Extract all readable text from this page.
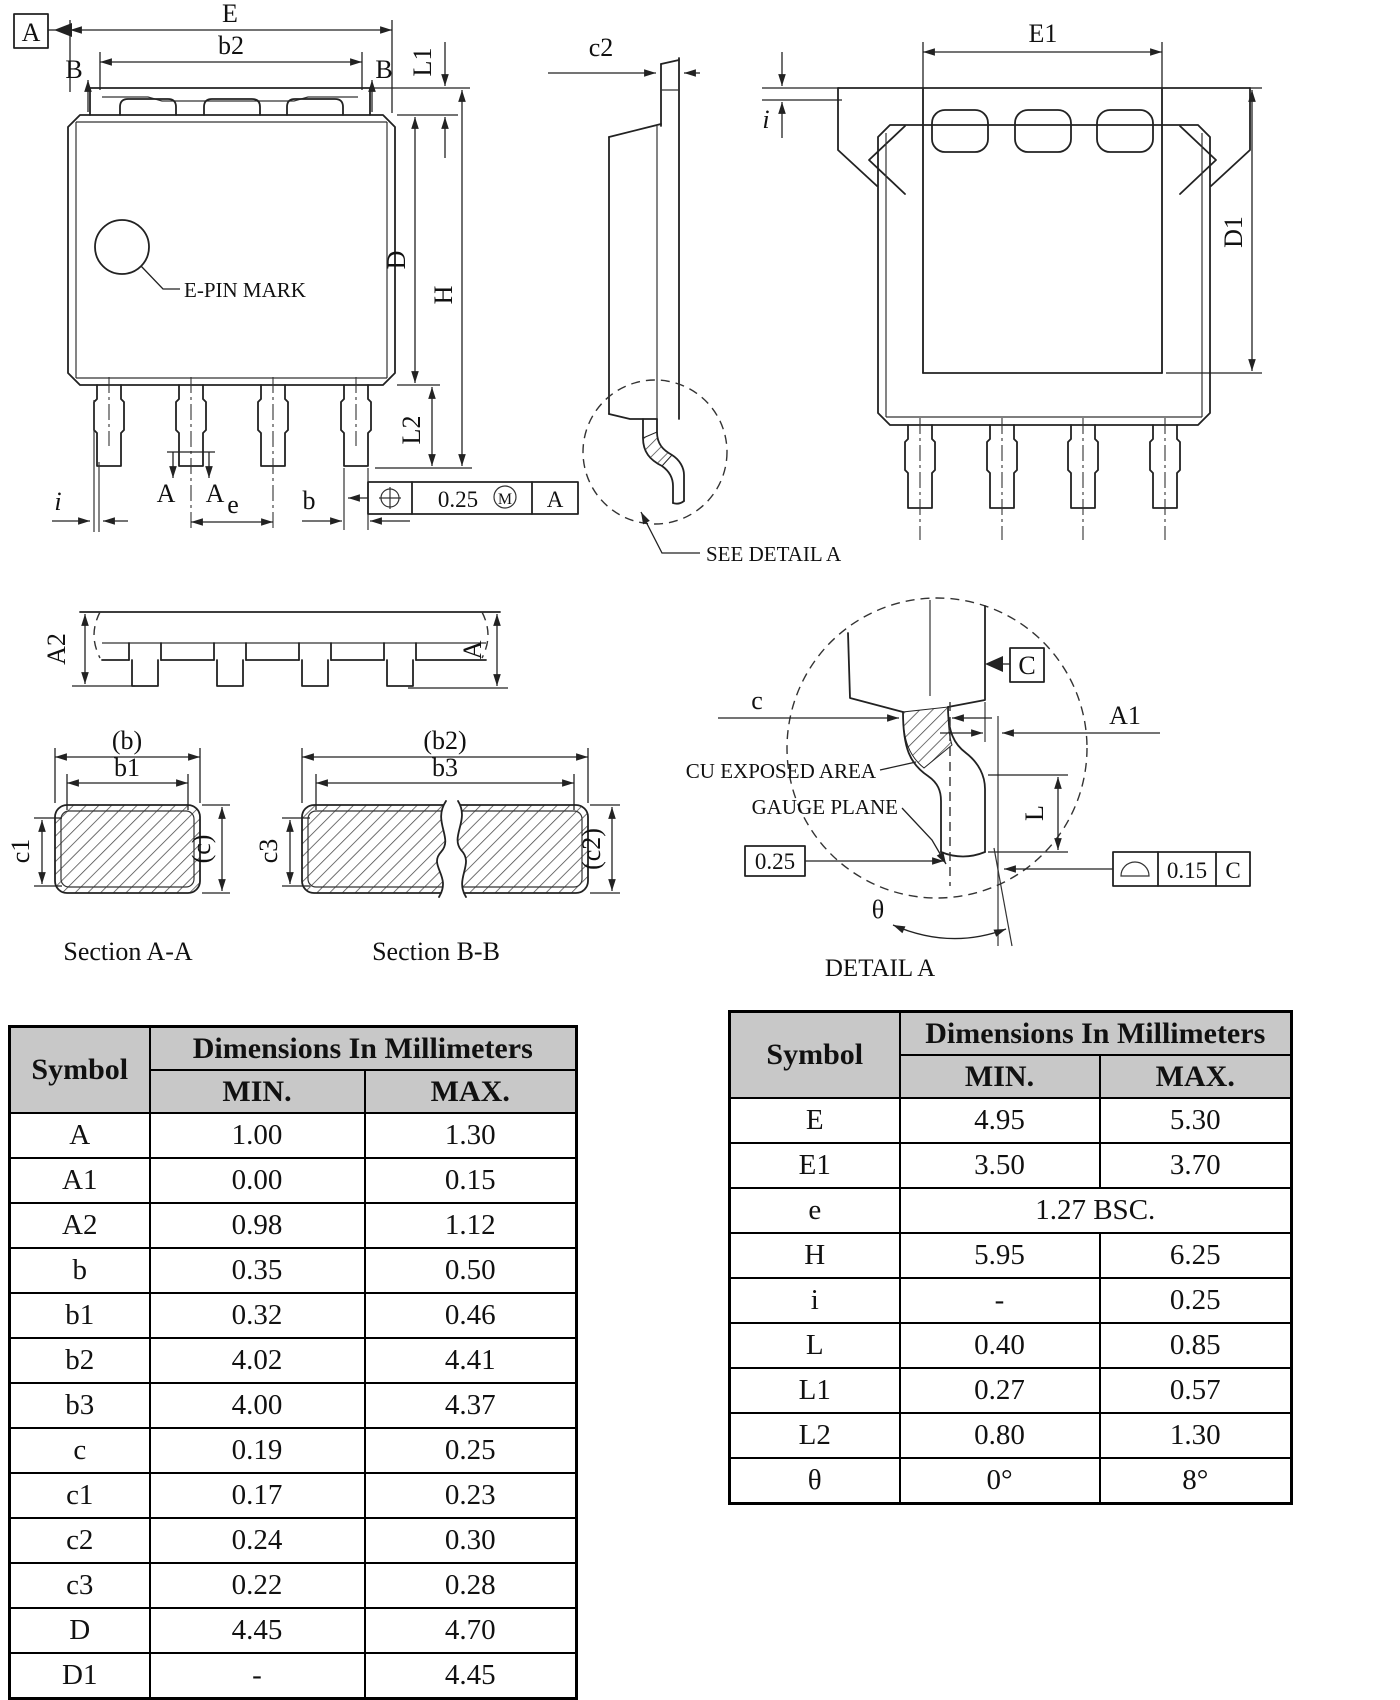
A
E
b2
B	B
E-PIN MARK
i	A A e b	0.25 M A
L1
D
L2
H
c2
SEE DETAIL A
E1
i
D1
A2	A
(b)
b1
c1	(c)
Section A-A
(b2)
b3
c3	(c2)
Section B-B
c
C
A1
CU EXPOSED AREA
GAUGE PLANE
0.25
L
θ
0.15 C
DETAIL A
Symbol	Dimensions In Millimeters	
	MIN.	MAX.
A	1.00	1.30
A1	0.00	0.15
A2	0.98	1.12
b	0.35	0.50
b1	0.32	0.46
b2	4.02	4.41
b3	4.00	4.37
c	0.19	0.25
c1	0.17	0.23
c2	0.24	0.30
c3	0.22	0.28
D	4.45	4.70
D1	-	4.45
Symbol	Dimensions In Millimeters	
	MIN.	MAX.
E	4.95	5.30
E1	3.50	3.70
e	1.27 BSC.	
H	5.95	6.25
i	-	0.25
L	0.40	0.85
L1	0.27	0.57
L2	0.80	1.30
θ	0°	8°
